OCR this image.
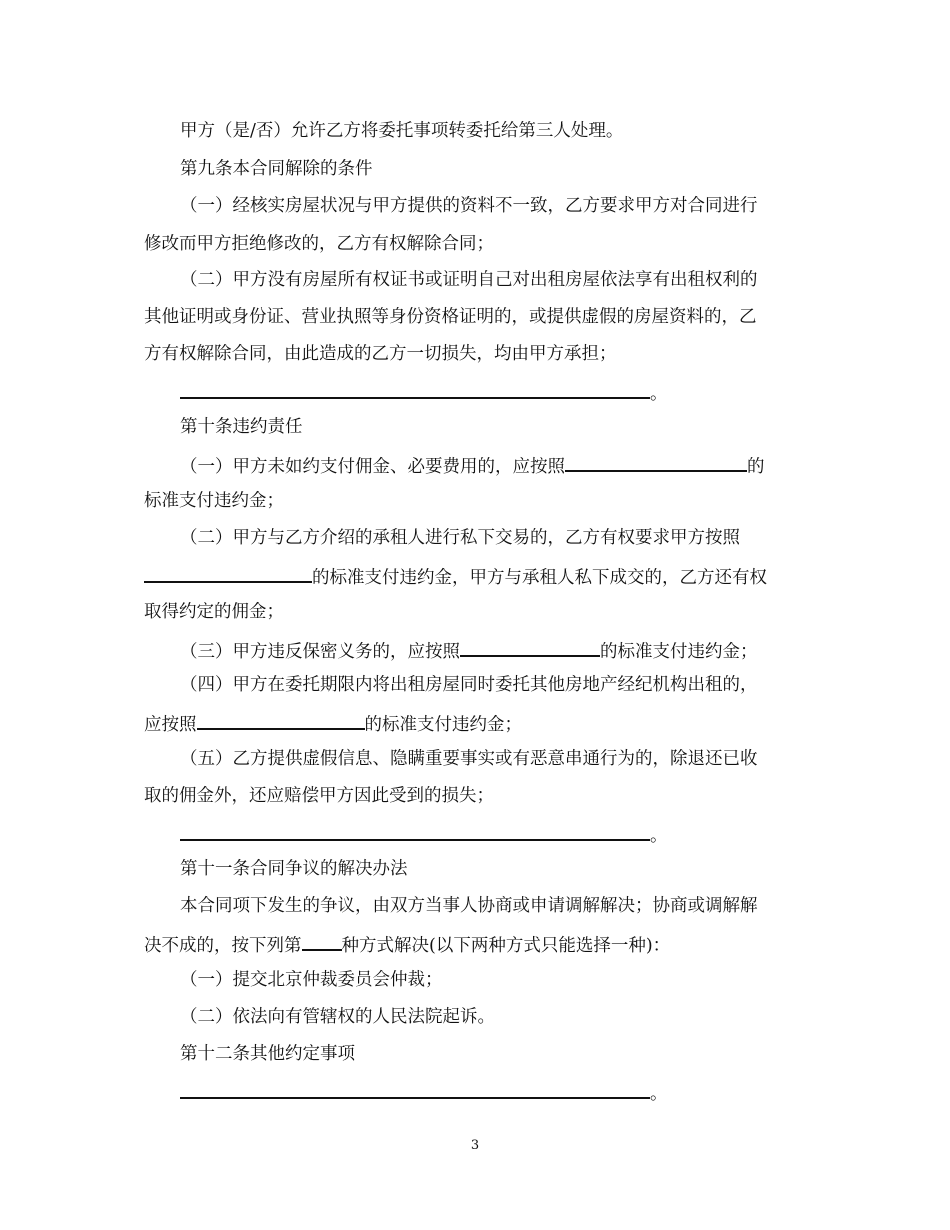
甲方（是/否）允许乙方将委托事项转委托给第三人处理。
第九条本合同解除的条件
（一）经核实房屋状况与甲方提供的资料不一致，乙方要求甲方对合同进行
修改而甲方拒绝修改的，乙方有权解除合同；
（二）甲方没有房屋所有权证书或证明自己对出租房屋依法享有出租权利的
其他证明或身份证、营业执照等身份资格证明的，或提供虚假的房屋资料的，乙
方有权解除合同，由此造成的乙方一切损失，均由甲方承担；
。
第十条违约责任
（一）甲方未如约支付佣金、必要费用的，应按照	的
标准支付违约金；
（二）甲方与乙方介绍的承租人进行私下交易的，乙方有权要求甲方按照
的标准支付违约金，甲方与承租人私下成交的，乙方还有权
取得约定的佣金；
（三）甲方违反保密义务的，应按照	的标准支付违约金；
（四）甲方在委托期限内将出租房屋同时委托其他房地产经纪机构出租的，
应按照	的标准支付违约金；
（五）乙方提供虚假信息、隐瞒重要事实或有恶意串通行为的，除退还已收
取的佣金外，还应赔偿甲方因此受到的损失；
。
第十一条合同争议的解决办法
本合同项下发生的争议，由双方当事人协商或申请调解解决；协商或调解解
决不成的，按下列第 种方式解决(以下两种方式只能选择一种)：
（一）提交北京仲裁委员会仲裁；
（二）依法向有管辖权的人民法院起诉。
第十二条其他约定事项
。
3
